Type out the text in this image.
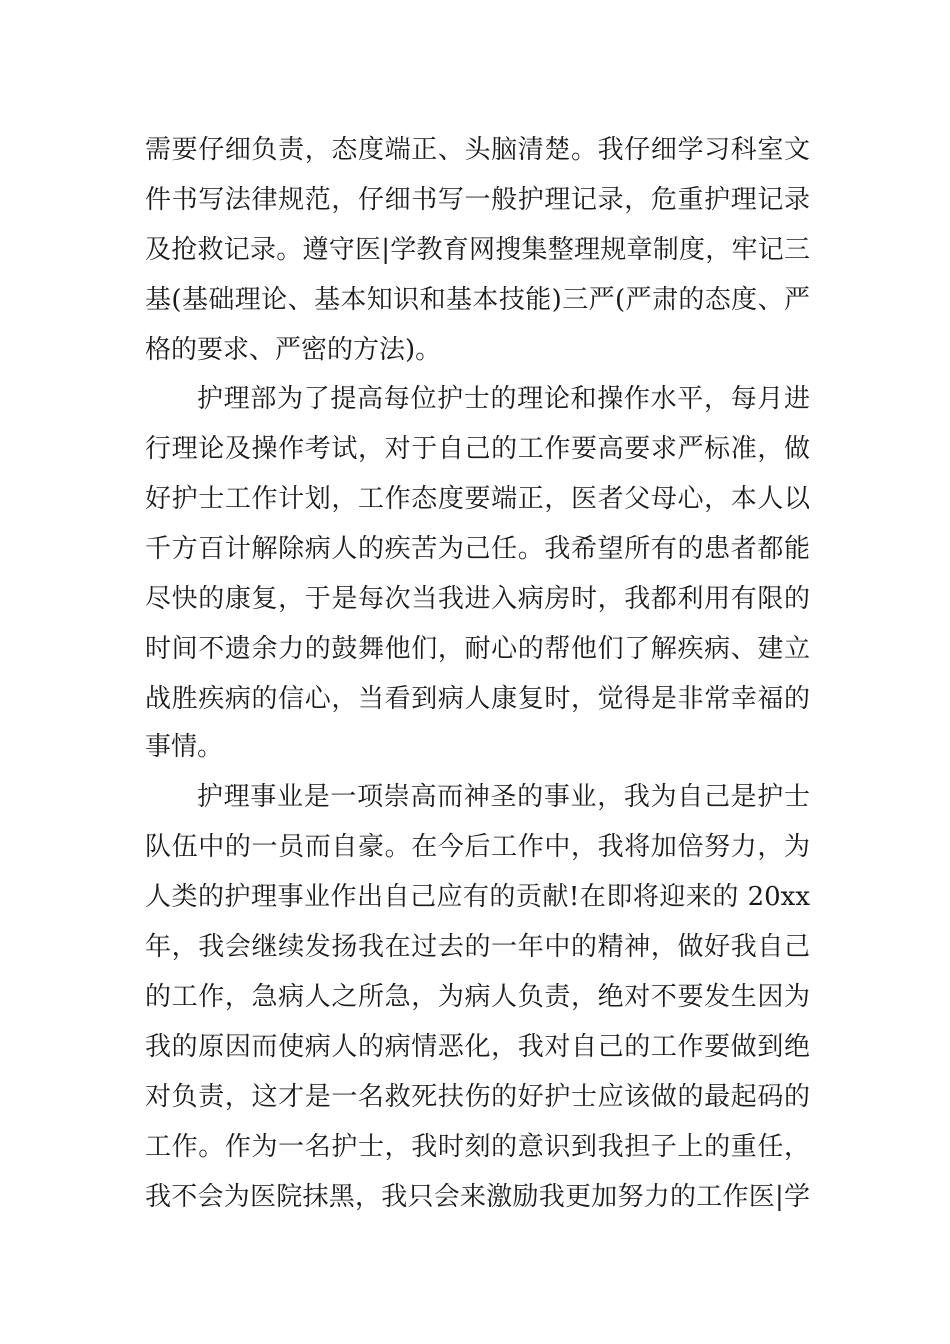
需要仔细负责，态度端正、头脑清楚。我仔细学习科室文
件书写法律规范，仔细书写一般护理记录，危重护理记录
及抢救记录。遵守医|学教育网搜集整理规章制度，牢记三
基(基础理论、基本知识和基本技能)三严(严肃的态度、严
格的要求、严密的方法)。
护理部为了提高每位护士的理论和操作水平，每月进
行理论及操作考试，对于自己的工作要高要求严标准，做
好护士工作计划，工作态度要端正，医者父母心，本人以
千方百计解除病人的疾苦为己任。我希望所有的患者都能
尽快的康复，于是每次当我进入病房时，我都利用有限的
时间不遗余力的鼓舞他们，耐心的帮他们了解疾病、建立
战胜疾病的信心，当看到病人康复时，觉得是非常幸福的
事情。
护理事业是一项崇高而神圣的事业，我为自己是护士
队伍中的一员而自豪。在今后工作中，我将加倍努力，为
人类的护理事业作出自己应有的贡献!在即将迎来的 20xx
年，我会继续发扬我在过去的一年中的精神，做好我自己
的工作，急病人之所急，为病人负责，绝对不要发生因为
我的原因而使病人的病情恶化，我对自己的工作要做到绝
对负责，这才是一名救死扶伤的好护士应该做的最起码的
工作。作为一名护士，我时刻的意识到我担子上的重任，
我不会为医院抹黑，我只会来激励我更加努力的工作医|学
